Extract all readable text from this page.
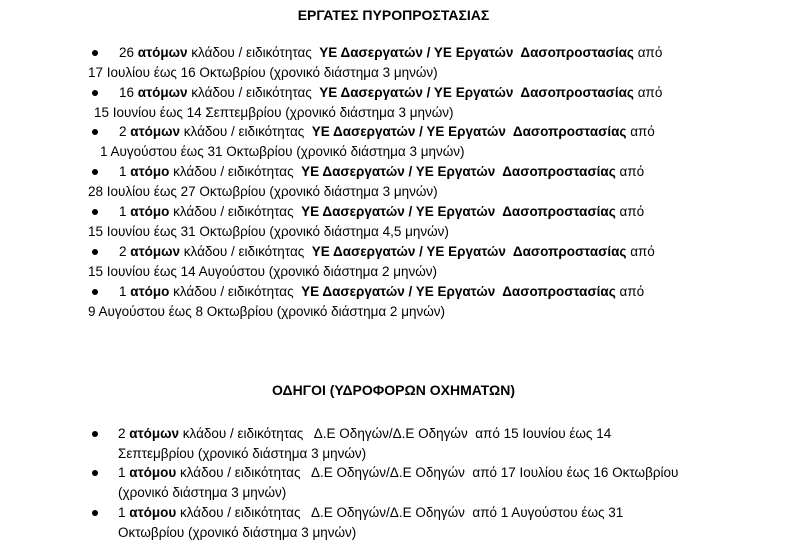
ΕΡΓΑΤΕΣ ΠΥΡΟΠΡΟΣΤΑΣΙΑΣ
26 ατόμων κλάδου / ειδικότητας  ΥΕ Δασεργατών / ΥΕ Εργατών  Δασοπροστασίας από
17 Ιουλίου έως 16 Οκτωβρίου (χρονικό διάστημα 3 μηνών)
16 ατόμων κλάδου / ειδικότητας  ΥΕ Δασεργατών / ΥΕ Εργατών  Δασοπροστασίας από
15 Ιουνίου έως 14 Σεπτεμβρίου (χρονικό διάστημα 3 μηνών)
2 ατόμων κλάδου / ειδικότητας  ΥΕ Δασεργατών / ΥΕ Εργατών  Δασοπροστασίας από
1 Αυγούστου έως 31 Οκτωβρίου (χρονικό διάστημα 3 μηνών)
1 ατόμο κλάδου / ειδικότητας  ΥΕ Δασεργατών / ΥΕ Εργατών  Δασοπροστασίας από
28 Ιουλίου έως 27 Οκτωβρίου (χρονικό διάστημα 3 μηνών)
1 ατόμο κλάδου / ειδικότητας  ΥΕ Δασεργατών / ΥΕ Εργατών  Δασοπροστασίας από
15 Ιουνίου έως 31 Οκτωβρίου (χρονικό διάστημα 4,5 μηνών)
2 ατόμων κλάδου / ειδικότητας  ΥΕ Δασεργατών / ΥΕ Εργατών  Δασοπροστασίας από
15 Ιουνίου έως 14 Αυγούστου (χρονικό διάστημα 2 μηνών)
1 ατόμο κλάδου / ειδικότητας  ΥΕ Δασεργατών / ΥΕ Εργατών  Δασοπροστασίας από
9 Αυγούστου έως 8 Οκτωβρίου (χρονικό διάστημα 2 μηνών)
ΟΔΗΓΟΙ (ΥΔΡΟΦΟΡΩΝ ΟΧΗΜΑΤΩΝ)
2 ατόμων κλάδου / ειδικότητας   Δ.Ε Οδηγών/Δ.Ε Οδηγών  από 15 Ιουνίου έως 14
Σεπτεμβρίου (χρονικό διάστημα 3 μηνών)
1 ατόμου κλάδου / ειδικότητας   Δ.Ε Οδηγών/Δ.Ε Οδηγών  από 17 Ιουλίου έως 16 Οκτωβρίου
(χρονικό διάστημα 3 μηνών)
1 ατόμου κλάδου / ειδικότητας   Δ.Ε Οδηγών/Δ.Ε Οδηγών  από 1 Αυγούστου έως 31
Οκτωβρίου (χρονικό διάστημα 3 μηνών)
